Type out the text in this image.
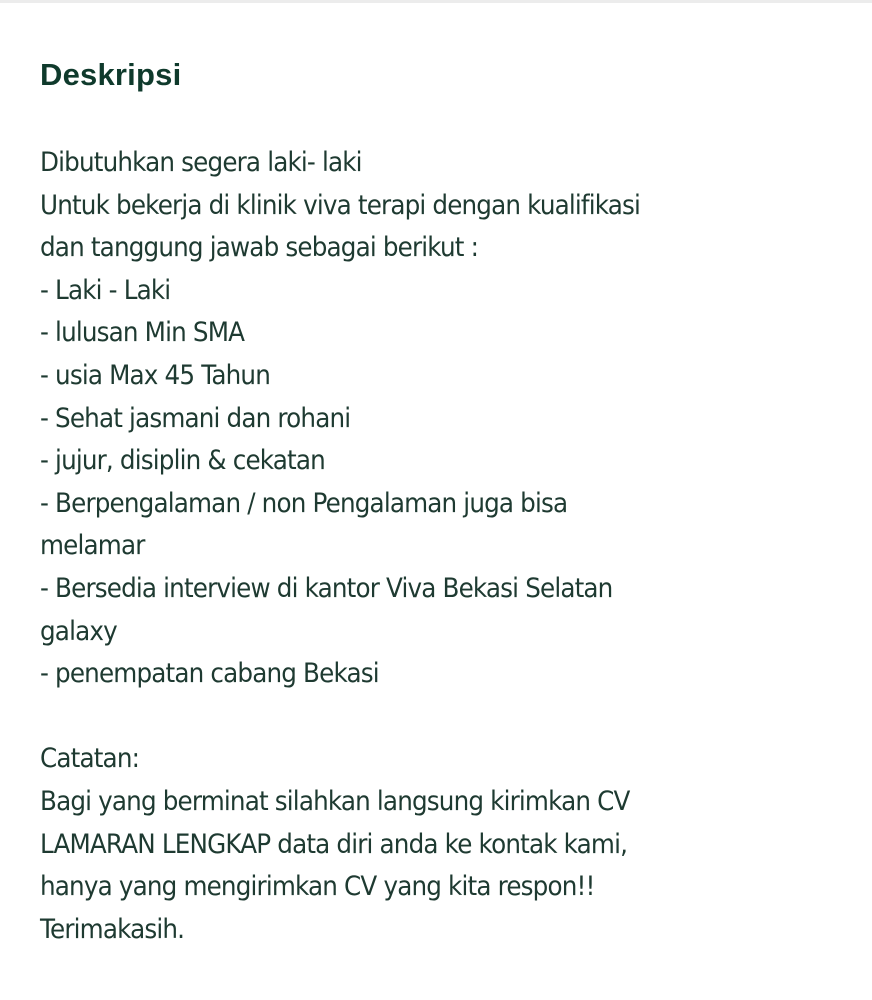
Deskripsi
Dibutuhkan segera laki- laki
Untuk bekerja di klinik viva terapi dengan kualifikasi
dan tanggung jawab sebagai berikut :
- Laki - Laki
- lulusan Min SMA
- usia Max 45 Tahun
- Sehat jasmani dan rohani
- jujur, disiplin & cekatan
- Berpengalaman / non Pengalaman juga bisa
melamar
- Bersedia interview di kantor Viva Bekasi Selatan
galaxy
- penempatan cabang Bekasi
Catatan:
Bagi yang berminat silahkan langsung kirimkan CV
LAMARAN LENGKAP data diri anda ke kontak kami,
hanya yang mengirimkan CV yang kita respon!!
Terimakasih.
